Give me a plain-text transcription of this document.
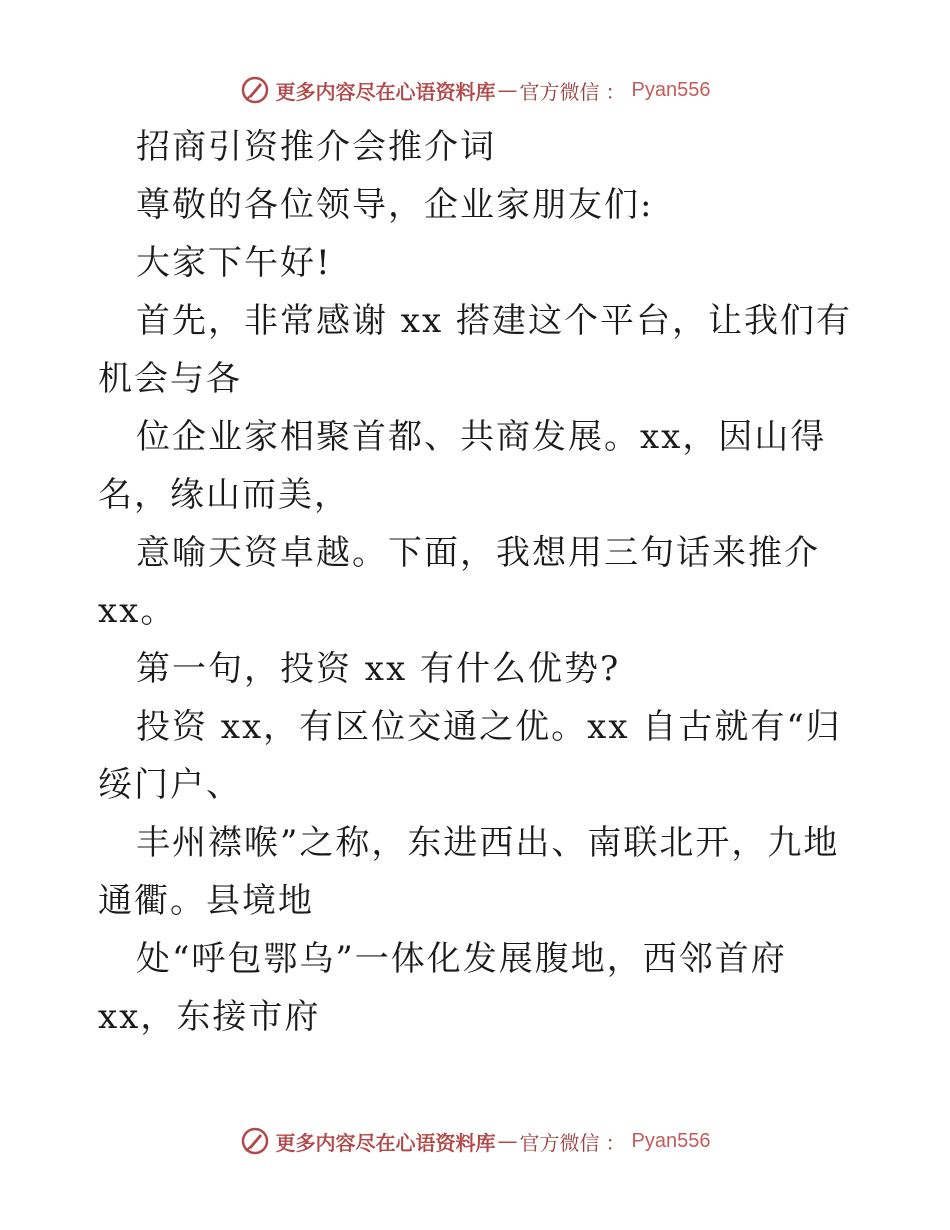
更多内容尽在心语资料库 — 官方微信 ： Pyan556

招商引资推介会推介词

尊敬的各位领导，企业家朋友们:

大家下午好!

首先，非常感谢 xx 搭建这个平台，让我们有机会与各

位企业家相聚首都、共商发展。xx，因山得名，缘山而美，

意喻天资卓越。下面，我想用三句话来推介 xx。

第一句，投资 xx 有什么优势?

投资 xx，有区位交通之优。xx 自古就有“归绥门户、

丰州襟喉”之称，东进西出、南联北开，九地通衢。县境地

处“呼包鄂乌”一体化发展腹地，西邻首府 xx，东接市府

更多内容尽在心语资料库 — 官方微信 ： Pyan556
